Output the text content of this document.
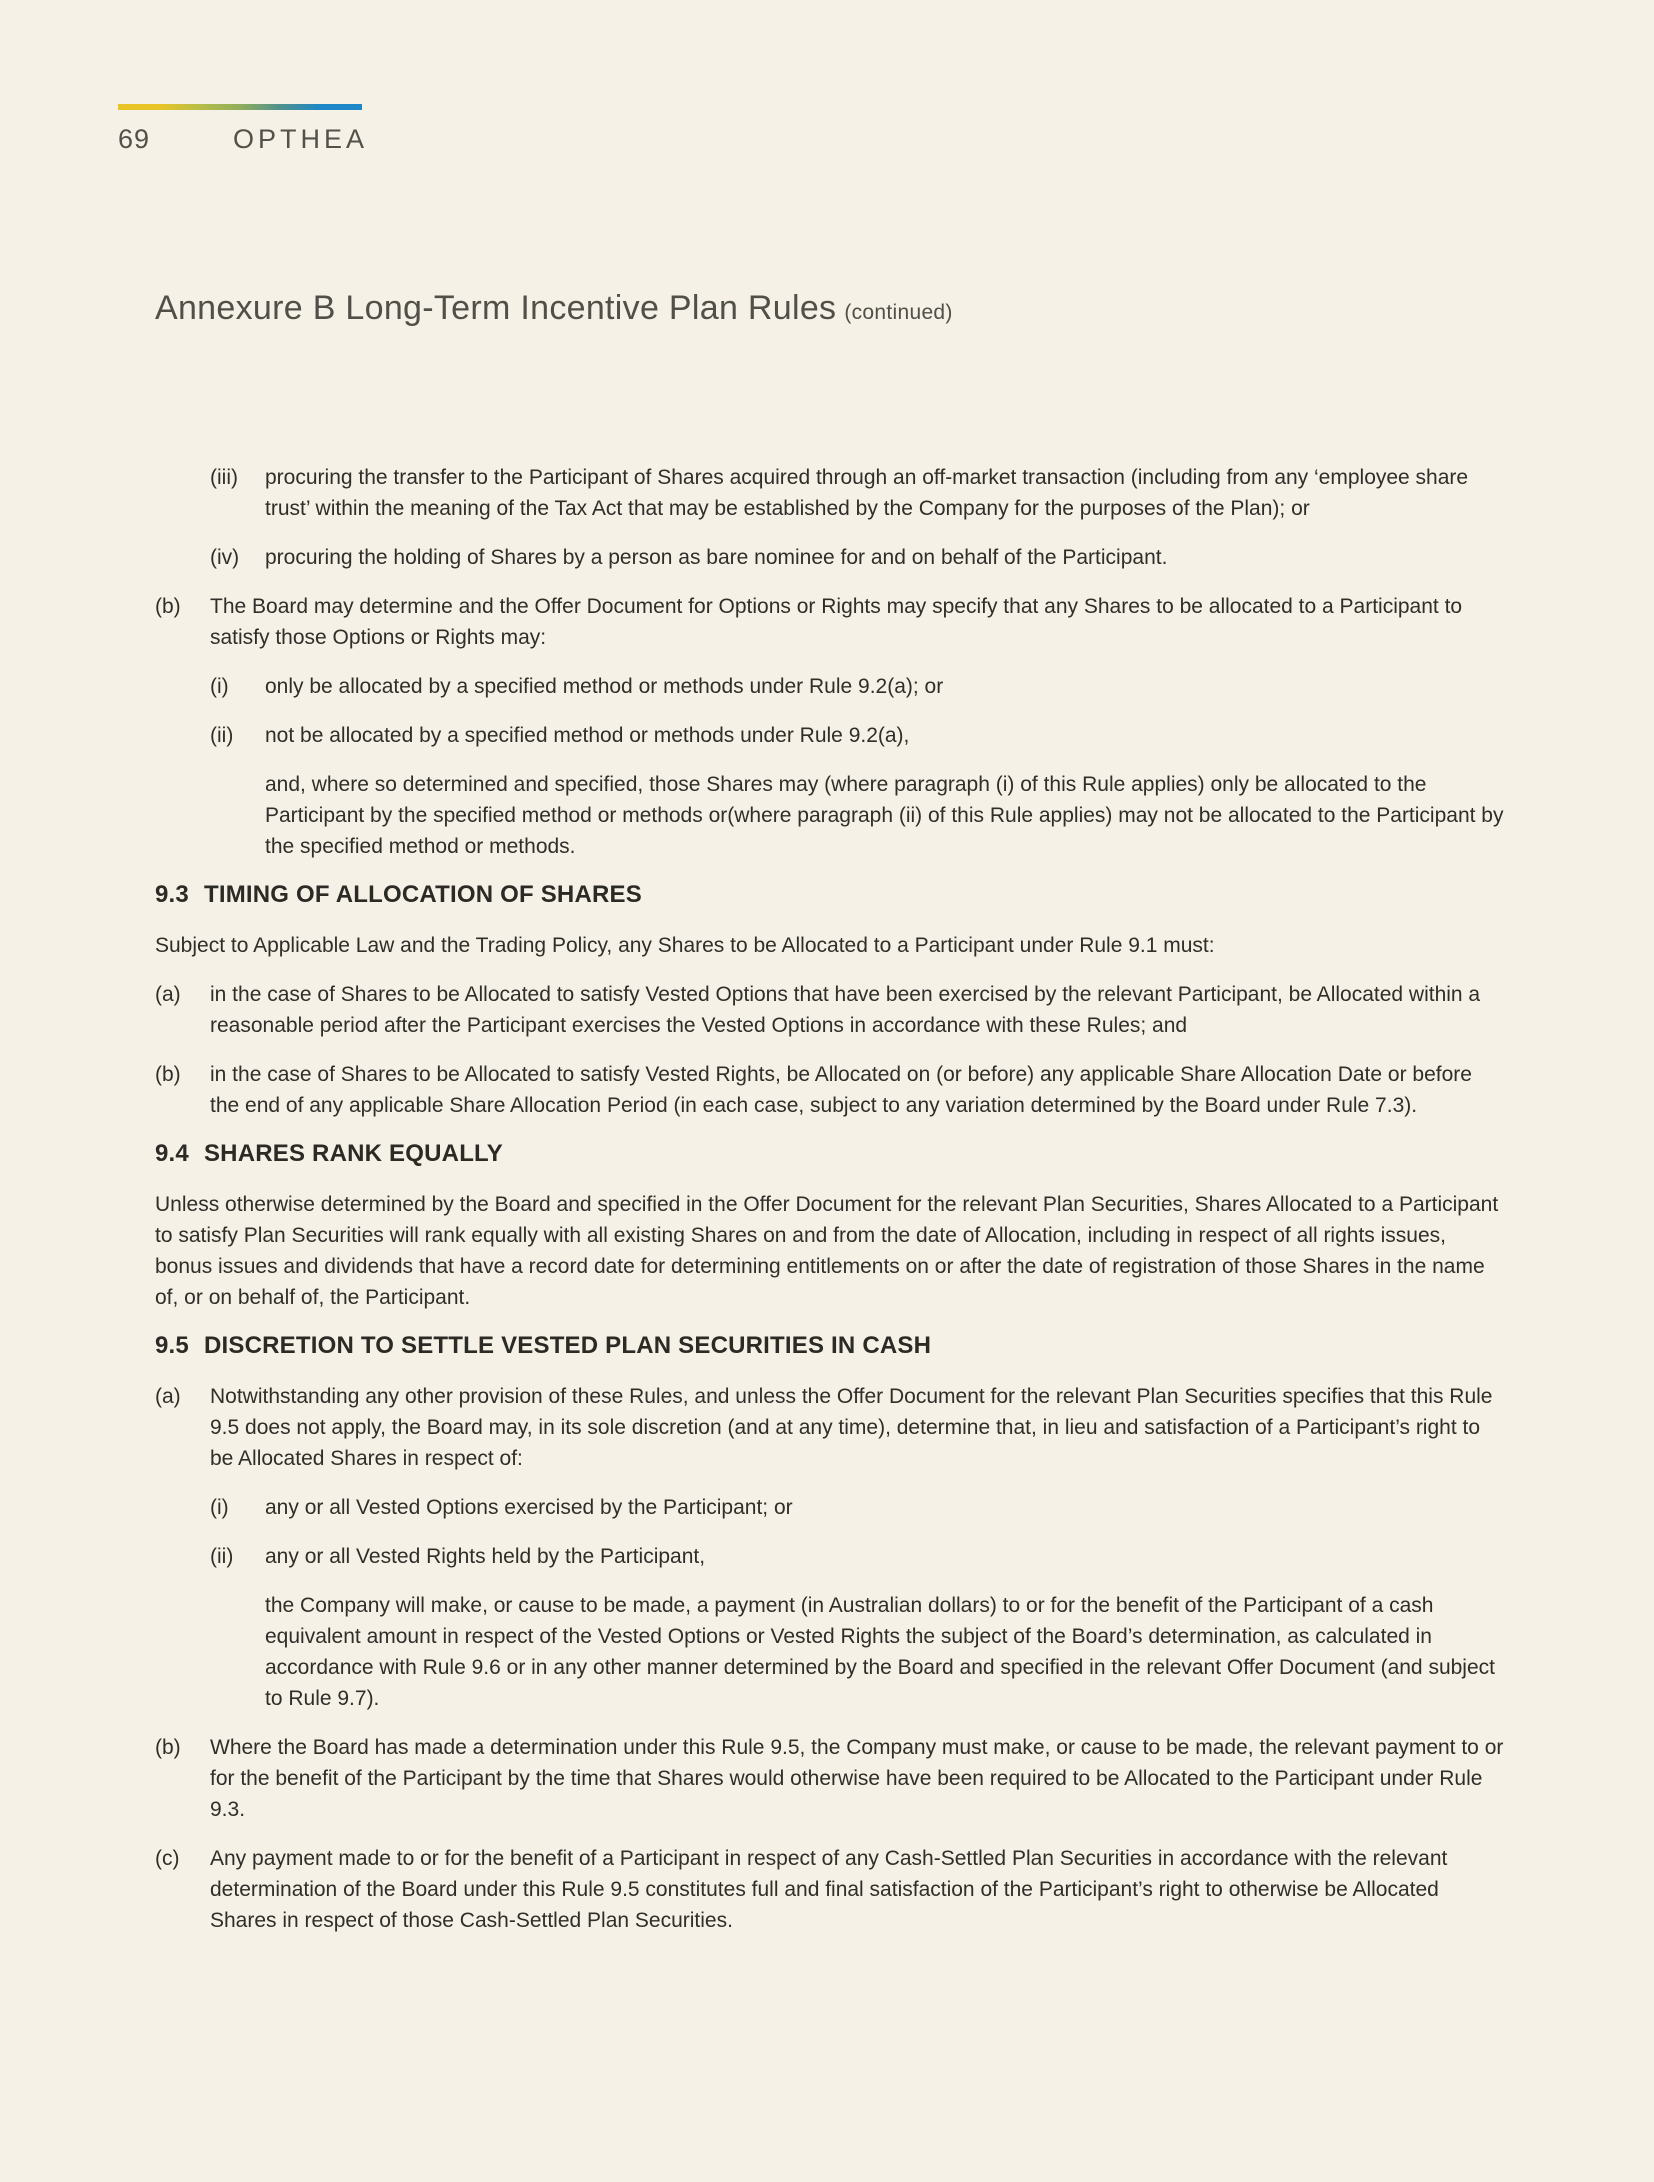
69	OPTHEA
Annexure B Long-Term Incentive Plan Rules (continued)
(iii)	procuring the transfer to the Participant of Shares acquired through an off-market transaction (including from any ‘employee share trust’ within the meaning of the Tax Act that may be established by the Company for the purposes of the Plan); or
(iv)	procuring the holding of Shares by a person as bare nominee for and on behalf of the Participant.
(b)	The Board may determine and the Offer Document for Options or Rights may specify that any Shares to be allocated to a Participant to satisfy those Options or Rights may:
(i)	only be allocated by a specified method or methods under Rule 9.2(a); or
(ii)	not be allocated by a specified method or methods under Rule 9.2(a),

and, where so determined and specified, those Shares may (where paragraph (i) of this Rule applies) only be allocated to the Participant by the specified method or methods or(where paragraph (ii) of this Rule applies) may not be allocated to the Participant by the specified method or methods.

9.3 TIMING OF ALLOCATION OF SHARES

Subject to Applicable Law and the Trading Policy, any Shares to be Allocated to a Participant under Rule 9.1 must:

(a)	in the case of Shares to be Allocated to satisfy Vested Options that have been exercised by the relevant Participant, be Allocated within a reasonable period after the Participant exercises the Vested Options in accordance with these Rules; and
(b)	in the case of Shares to be Allocated to satisfy Vested Rights, be Allocated on (or before) any applicable Share Allocation Date or before the end of any applicable Share Allocation Period (in each case, subject to any variation determined by the Board under Rule 7.3).
9.4 SHARES RANK EQUALLY

Unless otherwise determined by the Board and specified in the Offer Document for the relevant Plan Securities, Shares Allocated to a Participant to satisfy Plan Securities will rank equally with all existing Shares on and from the date of Allocation, including in respect of all rights issues, bonus issues and dividends that have a record date for determining entitlements on or after the date of registration of those Shares in the name of, or on behalf of, the Participant.

9.5 DISCRETION TO SETTLE VESTED PLAN SECURITIES IN CASH
(a)	Notwithstanding any other provision of these Rules, and unless the Offer Document for the relevant Plan Securities specifies that this Rule 9.5 does not apply, the Board may, in its sole discretion (and at any time), determine that, in lieu and satisfaction of a Participant’s right to be Allocated Shares in respect of:
(i)	any or all Vested Options exercised by the Participant; or
(ii)	any or all Vested Rights held by the Participant,

the Company will make, or cause to be made, a payment (in Australian dollars) to or for the benefit of the Participant of a cash equivalent amount in respect of the Vested Options or Vested Rights the subject of the Board’s determination, as calculated in accordance with Rule 9.6 or in any other manner determined by the Board and specified in the relevant Offer Document (and subject to Rule 9.7).

(b)	Where the Board has made a determination under this Rule 9.5, the Company must make, or cause to be made, the relevant payment to or for the benefit of the Participant by the time that Shares would otherwise have been required to be Allocated to the Participant under Rule 9.3.
(c)	Any payment made to or for the benefit of a Participant in respect of any Cash-Settled Plan Securities in accordance with the relevant determination of the Board under this Rule 9.5 constitutes full and final satisfaction of the Participant’s right to otherwise be Allocated Shares in respect of those Cash-Settled Plan Securities.
